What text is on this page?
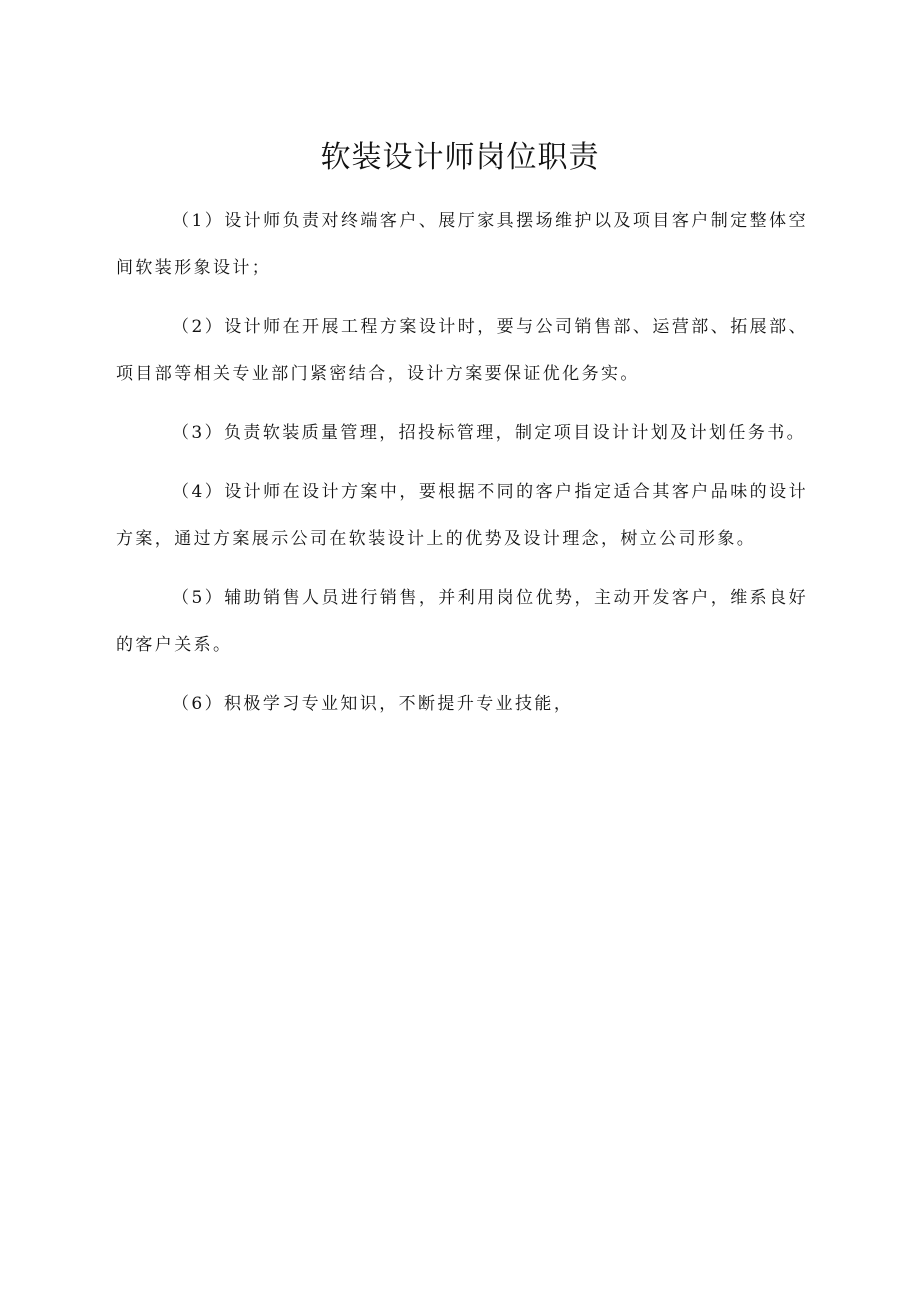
软装设计师岗位职责

（1）设计师负责对终端客户、展厅家具摆场维护以及项目客户制定整体空间软装形象设计；

（2）设计师在开展工程方案设计时，要与公司销售部、运营部、拓展部、项目部等相关专业部门紧密结合，设计方案要保证优化务实。

（3）负责软装质量管理，招投标管理，制定项目设计计划及计划任务书。

（4）设计师在设计方案中，要根据不同的客户指定适合其客户品味的设计方案，通过方案展示公司在软装设计上的优势及设计理念，树立公司形象。

（5）辅助销售人员进行销售，并利用岗位优势，主动开发客户，维系良好的客户关系。

（6）积极学习专业知识，不断提升专业技能，
